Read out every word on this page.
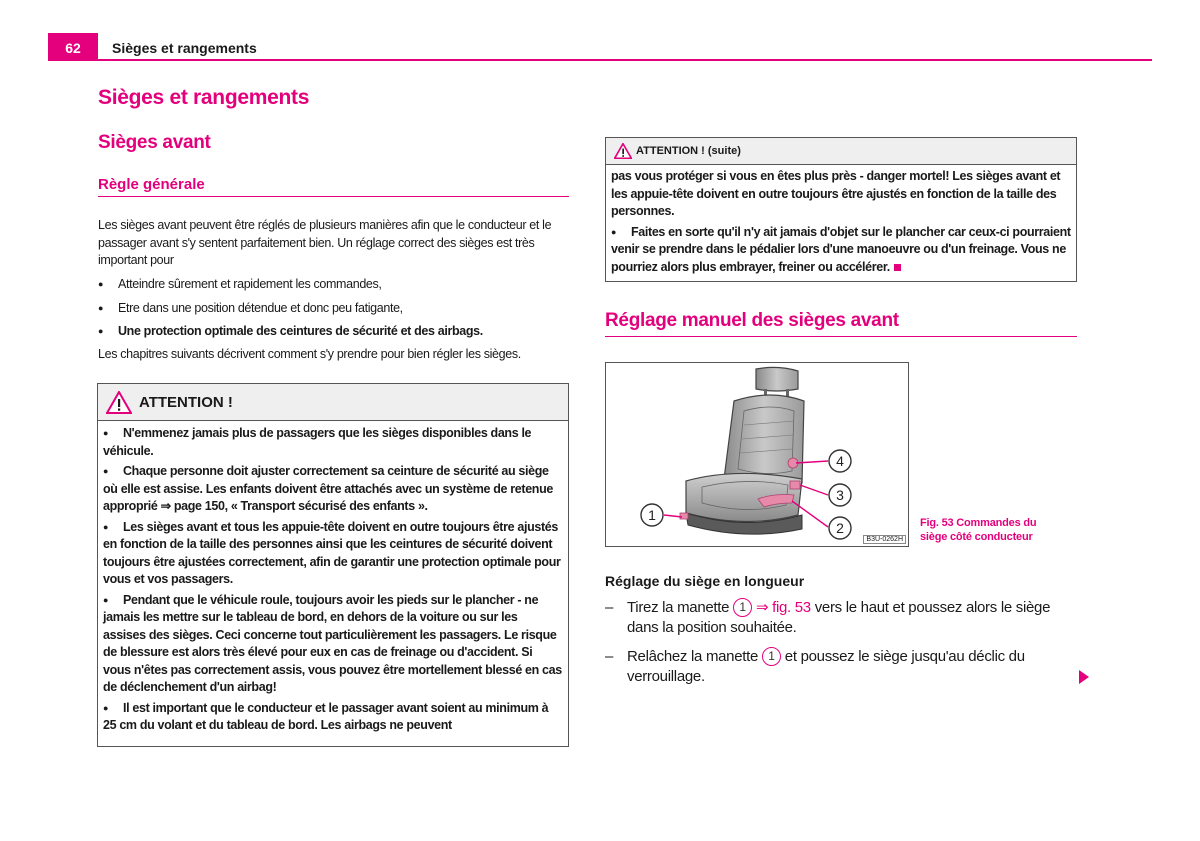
62	Sièges et rangements
Sièges et rangements
Sièges avant
Règle générale

Les sièges avant peuvent être réglés de plusieurs manières afin que le conducteur et le passager avant s'y sentent parfaitement bien. Un réglage correct des sièges est très important pour

● Atteindre sûrement et rapidement les commandes,
● Etre dans une position détendue et donc peu fatigante,
● Une protection optimale des ceintures de sécurité et des airbags.

Les chapitres suivants décrivent comment s'y prendre pour bien régler les sièges.

ATTENTION !
● N'emmenez jamais plus de passagers que les sièges disponibles dans le véhicule.
● Chaque personne doit ajuster correctement sa ceinture de sécurité au siège où elle est assise. Les enfants doivent être attachés avec un système de retenue approprié ⇒ page 150, « Transport sécurisé des enfants ».
● Les sièges avant et tous les appuie-tête doivent en outre toujours être ajustés en fonction de la taille des personnes ainsi que les ceintures de sécurité doivent toujours être ajustées correctement, afin de garantir une protection optimale pour vous et vos passagers.
● Pendant que le véhicule roule, toujours avoir les pieds sur le plancher - ne jamais les mettre sur le tableau de bord, en dehors de la voiture ou sur les assises des sièges. Ceci concerne tout particulièrement les passagers. Le risque de blessure est alors très élevé pour eux en cas de freinage ou d'accident. Si vous n'êtes pas correctement assis, vous pouvez être mortellement blessé en cas de déclenchement d'un airbag!
● Il est important que le conducteur et le passager avant soient au minimum à 25 cm du volant et du tableau de bord. Les airbags ne peuvent
ATTENTION ! (suite)

pas vous protéger si vous en êtes plus près - danger mortel! Les sièges avant et les appuie-tête doivent en outre toujours être ajustés en fonction de la taille des personnes.

● Faites en sorte qu'il n'y ait jamais d'objet sur le plancher car ceux-ci pourraient venir se prendre dans le pédalier lors d'une manoeuvre ou d'un freinage. Vous ne pourriez alors plus embrayer, freiner ou accélérer.

Réglage manuel des sièges avant
4
3
2
1
B3U-0262H
Fig. 53 Commandes du siège côté conducteur
Réglage du siège en longueur
– Tirez la manette 1 ⇒ fig. 53 vers le haut et poussez alors le siège dans la position souhaitée.
– Relâchez la manette 1 et poussez le siège jusqu'au déclic du verrouillage.
